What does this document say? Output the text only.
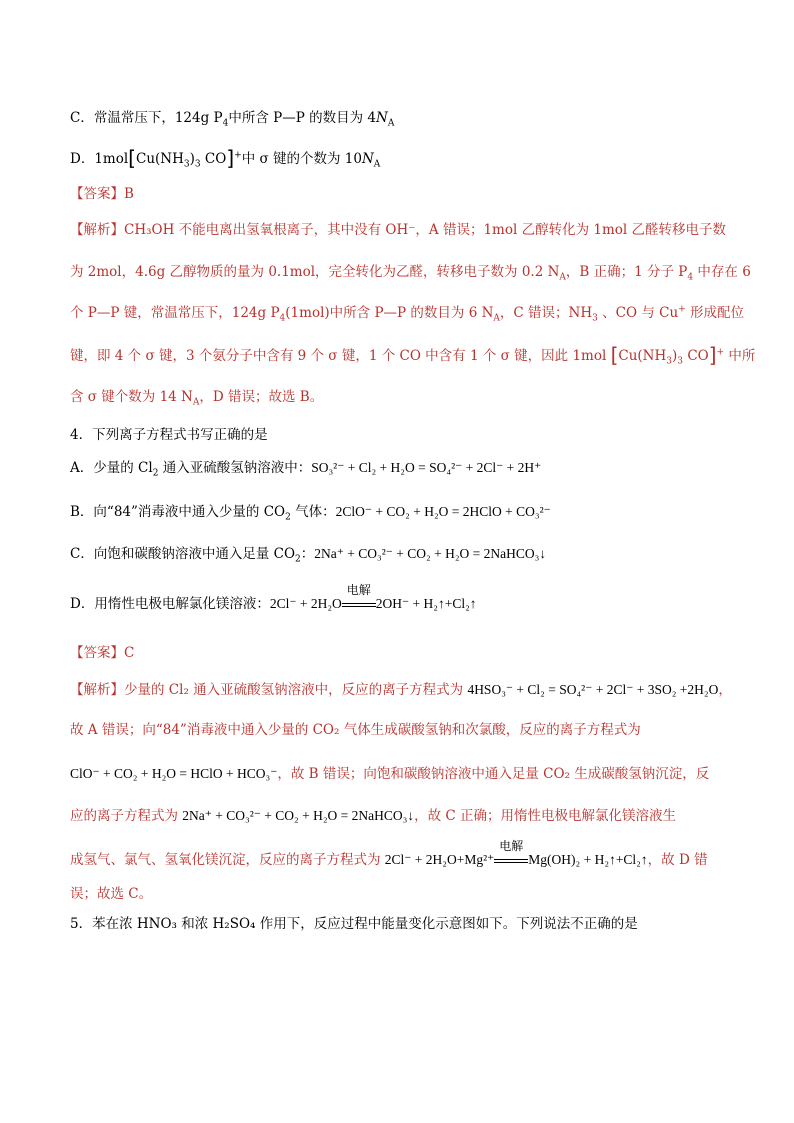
C．常温常压下，124g $P_4$中所含 P—P 的数目为 $4N_A$
D．$1mol[Cu(NH_3)_3$ CO]+中 σ 键的个数为 $10N_A$
【答案】B
【解析】CH₃OH 不能电离出氢氧根离子，其中没有 OH⁻，A 错误；1mol 乙醇转化为 1mol 乙醛转移电子数
为 2mol，4.6g 乙醇物质的量为 0.1mol，完全转化为乙醛，转移电子数为 0.2 $N_A$，B 正确；1 分子 $P_4$ 中存在 6
个 P—P 键，常温常压下，124g $P_4(1mol)$中所含 P—P 的数目为 6 $N_A$，C 错误；$NH_3$ 、CO 与 Cu+ 形成配位
键，即 4 个 σ 键，3 个氨分子中含有 9 个 σ 键，1 个 CO 中含有 1 个 σ 键，因此 1mol [$Cu(NH_3)_3$ CO]+ 中所
含 σ 键个数为 14 $N_A$，D 错误；故选 B。
4．下列离子方程式书写正确的是
A．少量的 $Cl_2$ 通入亚硫酸氢钠溶液中：SO₃²⁻ + Cl₂ + H₂O = SO₄²⁻ + 2Cl⁻ + 2H⁺
B．向“84”消毒液中通入少量的 $CO_2$ 气体：2ClO⁻ + CO₂ + H₂O = 2HClO + CO₃²⁻
C．向饱和碳酸钠溶液中通入足量 $CO_2$：2Na⁺ + CO₃²⁻ + CO₂ + H₂O = 2NaHCO₃↓
D．用惰性电极电解氯化镁溶液：2Cl⁻ + 2H₂O
电解
2OH⁻ + H₂↑+Cl₂↑
【答案】C
【解析】少量的 Cl₂ 通入亚硫酸氢钠溶液中，反应的离子方程式为 4HSO₃⁻ + Cl₂ = SO₄²⁻ + 2Cl⁻ + 3SO₂ +2H₂O，
故 A 错误；向“84”消毒液中通入少量的 CO₂ 气体生成碳酸氢钠和次氯酸，反应的离子方程式为
ClO⁻ + CO₂ + H₂O = HClO + HCO₃⁻，故 B 错误；向饱和碳酸钠溶液中通入足量 CO₂ 生成碳酸氢钠沉淀，反
应的离子方程式为 2Na⁺ + CO₃²⁻ + CO₂ + H₂O = 2NaHCO₃↓，故 C 正确；用惰性电极电解氯化镁溶液生
成氢气、氯气、氢氧化镁沉淀，反应的离子方程式为 2Cl⁻ + 2H₂O+Mg²⁺
电解
Mg(OH)₂ + H₂↑+Cl₂↑，故 D 错
误；故选 C。
5．苯在浓 HNO₃ 和浓 H₂SO₄ 作用下，反应过程中能量变化示意图如下。下列说法不正确的是
